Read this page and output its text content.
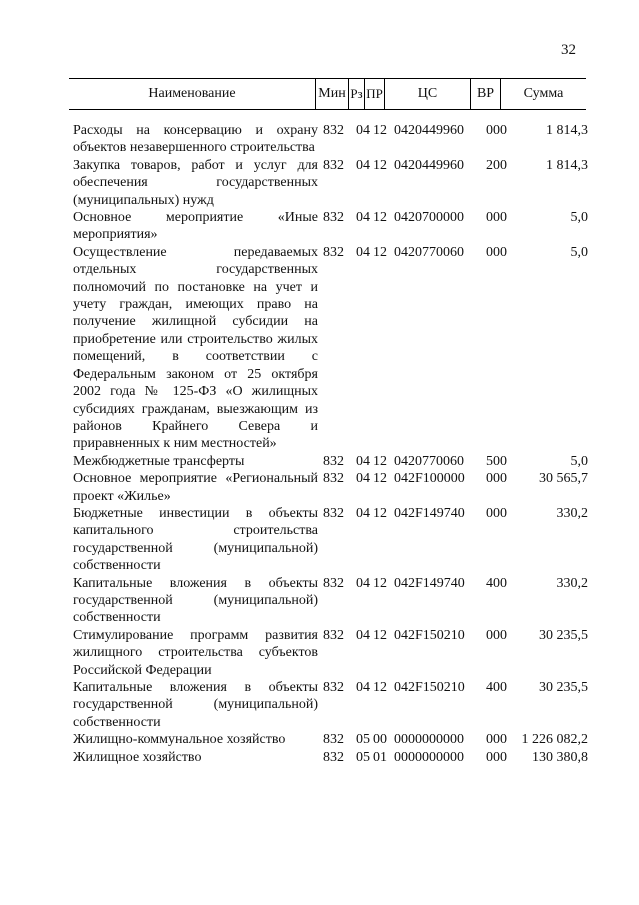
32
Наименование	Мин Рз ПР	ЦС	ВР	Сумма
Расходы на консервацию и охрану объектов незавершенного строительства
832 04 12 0420449960	000	1 814,3
Закупка товаров, работ и услуг для обеспечения государственных (муниципальных) нужд
832 04 12 0420449960	200	1 814,3
Основное мероприятие «Иные мероприятия»
832 04 12 0420700000	000	5,0
Осуществление передаваемых отдельных государственных полномочий по постановке на учет и учету граждан, имеющих право на получение жилищной субсидии на приобретение или строительство жилых помещений, в соответствии с Федеральным законом от 25 октября 2002 года № 125-ФЗ «О жилищных субсидиях гражданам, выезжающим из районов Крайнего Севера и приравненных к ним местностей»
832 04 12 0420770060	000	5,0
Межбюджетные трансферты	832 04 12 0420770060	500	5,0
Основное мероприятие «Региональный проект «Жилье»
832 04 12 042F100000	000	30 565,7
Бюджетные инвестиции в объекты капитального строительства государственной (муниципальной) собственности
832 04 12 042F149740	000	330,2
Капитальные вложения в объекты государственной (муниципальной) собственности
832 04 12 042F149740	400	330,2
Стимулирование программ развития жилищного строительства субъектов Российской Федерации
832 04 12 042F150210	000	30 235,5
Капитальные вложения в объекты государственной (муниципальной) собственности
832 04 12 042F150210	400	30 235,5
Жилищно-коммунальное хозяйство	832 05 00 0000000000	000	1 226 082,2
Жилищное хозяйство	832 05 01 0000000000	000	130 380,8
